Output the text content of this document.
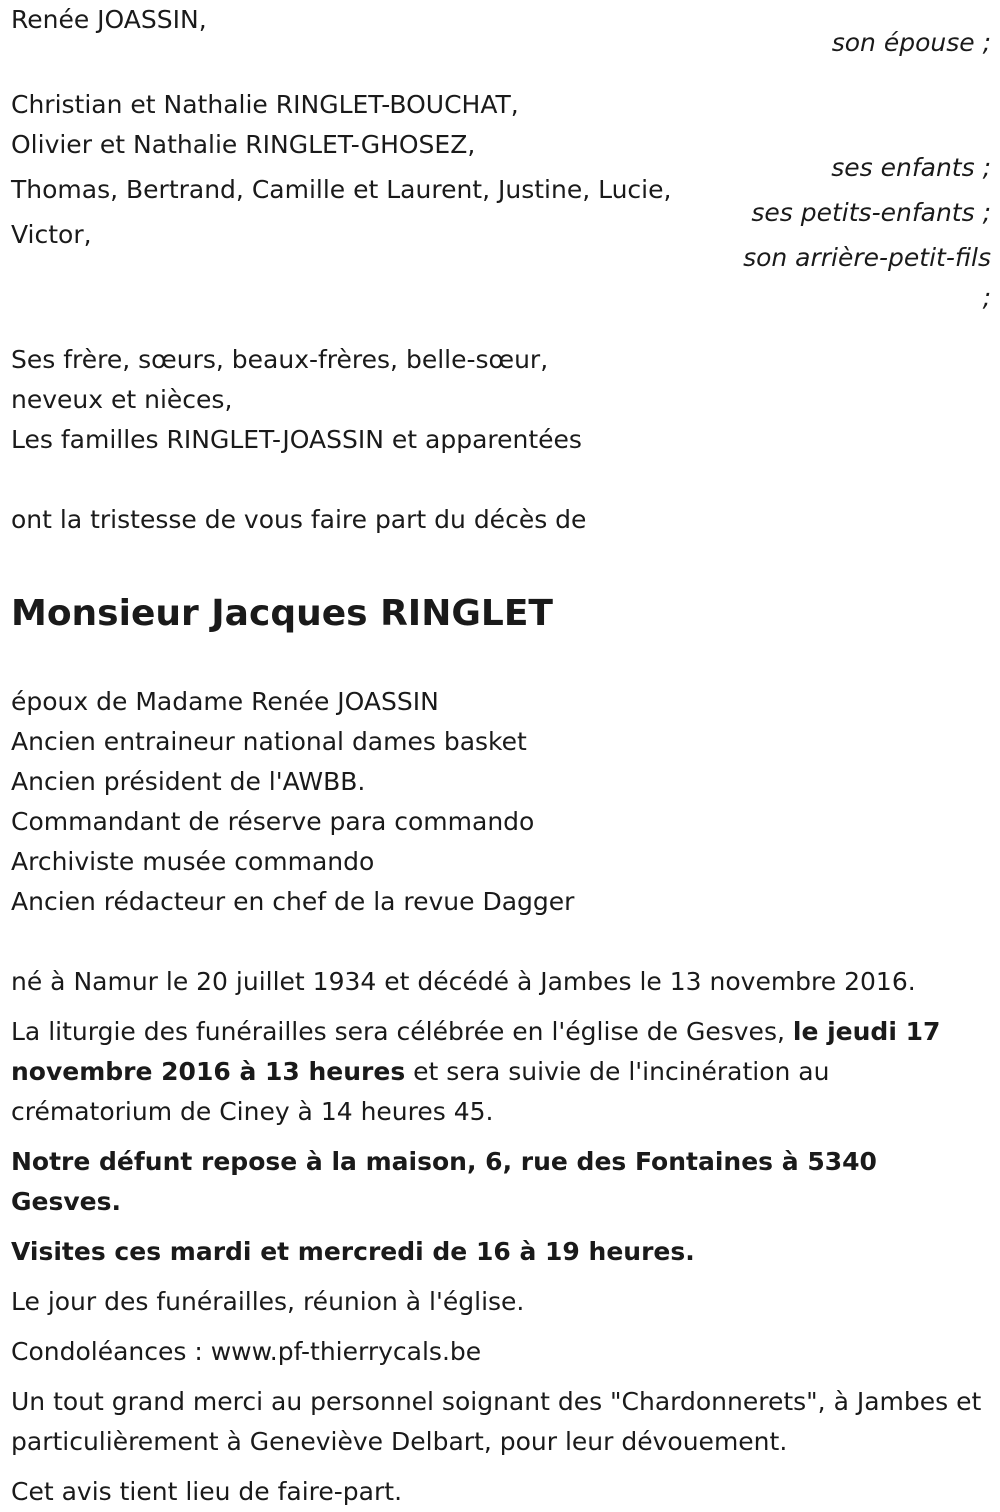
Renée JOASSIN,
son épouse ;
Christian et Nathalie RINGLET-BOUCHAT,
Olivier et Nathalie RINGLET-GHOSEZ,
ses enfants ;
Thomas, Bertrand, Camille et Laurent, Justine, Lucie,
ses petits-enfants ;
Victor,
son arrière-petit-fils
;
Ses frère, sœurs, beaux-frères, belle-sœur,
neveux et nièces,
Les familles RINGLET-JOASSIN et apparentées
ont la tristesse de vous faire part du décès de
Monsieur Jacques RINGLET
époux de Madame Renée JOASSIN
Ancien entraineur national dames basket
Ancien président de l'AWBB.
Commandant de réserve para commando
Archiviste musée commando
Ancien rédacteur en chef de la revue Dagger
né à Namur le 20 juillet 1934 et décédé à Jambes le 13 novembre 2016.
La liturgie des funérailles sera célébrée en l'église de Gesves, le jeudi 17 novembre 2016 à 13 heures et sera suivie de l'incinération au crématorium de Ciney à 14 heures 45.
Notre défunt repose à la maison, 6, rue des Fontaines à 5340 Gesves.
Visites ces mardi et mercredi de 16 à 19 heures.
Le jour des funérailles, réunion à l'église.
Condoléances : www.pf-thierrycals.be
Un tout grand merci au personnel soignant des "Chardonnerets", à Jambes et particulièrement à Geneviève Delbart, pour leur dévouement.
Cet avis tient lieu de faire-part.
